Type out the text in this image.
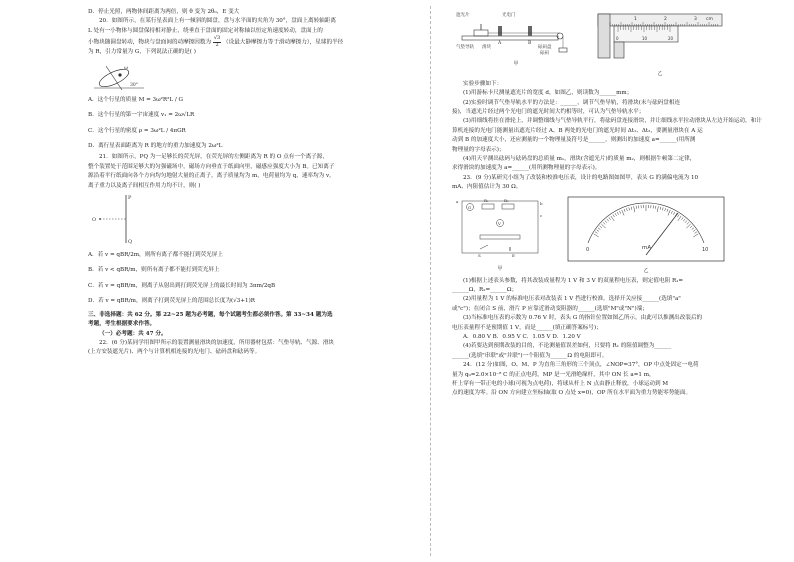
D．停止光照，两物体间距离为两倍，则 θ 变为 2θ₀，E 变大

20．如图所示，在某行星表面上有一倾斜的圆盘，盘与水平面的夹角为 30°，盘面上离转轴距离

L 处有一小物体与圆盘保持相对静止，绕垂直于盘面的固定对称轴以恒定角速度转动，盘面上的

小物块随圆盘转动，物块与盘面间的动摩擦因数为 $\frac{√3}{2}$ （设最大静摩擦力等于滑动摩擦力），星球的半径

为 R，引力常量为 G，下列说法正确的是( )

ω
30°

A．这个行星的质量 M = 3ω²R²L / G

B．这个行星的第一宇宙速度 v₁ = 2ω√LR

C．这个行星的密度 ρ = 3ω²L / 4πGR

D．离行星表面距离为 R 的地方的重力加速度为 2ω²L

21．如图所示，PQ 为一足够长的荧光屏，在荧光屏的左侧距离为 R 的 O 点有一个离子源，

整个装置处于范围足够大的匀强磁场中，磁场方向垂直于纸面向里，磁感应强度大小为 B。已知离子

源沿着平行纸面向各个方向均匀地射大量的正离子，离子质量均为 m，电荷量均为 q，速率均为 v，

离子重力以及离子间相互作用力均不计，则( )

P
O
Q

A．若 v = qBR/2m，则所有离子都不能打到荧光屏上

B．若 v < qBR/m，则所有离子都不能打到荧光屏上

C．若 v = qBR/m，则离子从射出到打到荧光屏上的最长时间为 3πm/2qB

D．若 v = qBR/m，则离子打到荧光屏上的范围总长度为(√3+1)R

三、非选择题：共 62 分。第 22~25 题为必考题，每个试题考生都必须作答。第 33~34 题为选

考题，考生根据要求作答。

（一）必考题：共 47 分。

22．(6 分)某同学用图甲所示的装置测量滑块的加速度，所用器材包括：气垫导轨、气源、滑块

(上方安装遮光片)、两个与计算机相连接的光电门、砝码盘和砝码等。

遮光片	光电门
气垫导轨 滑块	砝码盘
砝码
A	B
甲
1	2	3 cm
0	10	20
乙

实验步骤如下：

(1)用游标卡尺测量遮光片的宽度 d，如图乙，则读数为______mm；

(2)实验时调节气垫导轨水平的方法是：______，调节气垫导轨，将滑块(未与砝码盘相连

接)，当遮光片经过两个光电门的遮光时间大约相等时，可认为气垫导轨水平；

(3)用细线将挂在滑轮上，并调整细线与气垫导轨平行，将砝码盘连接滑块，并让细线水平拉动滑块从左边开始运动，和计

算机连接的光电门能测量出遮光片经过 A、B 两处的光电门的遮光时间 Δt₁、Δt₂，要测量滑块在 A 运

动到 B 的加速度大小，还应测量的一个物理量及符号是______，则测出的加速度 a=______(用所测

物理量的字母表示)；

(4)用天平测出砝码与砝码盘的总质量 m₁，滑块(含遮光片)的质量 m₂，则根据牛顿第二定律，

求得滑块的加速度为 a=______(用所测物理量的字母表示)。

23．(9 分)某研究小组为了改装和校准电压表，设计的电路图如图甲，表头 G 的满偏电流为 10

mA、内阻值估计为 30 Ω。

a
G
R₁	R₂
V
b
c
S	E
甲
0	10
mA
乙

(1)根据上述表头参数，将其改装成量程为 1 V 和 3 V 的双量程电压表，则定值电阻 R₁=

______Ω，R₂=______Ω；

(2)用量程为 1 V 的标准电压表对改装表 1 V 挡进行校准，选择开关应接______(选填"a"

或"c")；在闭合 S 前，滑片 P 应靠近滑动变阻器的______(选填"M"或"N")端；

(3)当标准电压表的示数为 0.76 V 时，表头 G 的指针位置如图乙所示，由此可以推测出改装后的

电压表量程不是预期值 1 V，而是______(填正确答案标号)；

A．0.80 V B．0.95 V C．1.05 V D．1.20 V

(4)若要达到预期改装的目的，不论测量值误差如何，只要将 R₁ 的阻值调整为______

______(选填"串联"或"并联")一个阻值为______Ω 的电阻即可。

24．(12 分)如图，O、M、P 为直角三角形的三个顶点，∠NOP=37°，OP 中点处固定一电荷

量为 q₀=2.0×10⁻⁸ C 的正点电荷，MP 是一光滑绝缘杆，其中 ON 长 a=1 m，

杆上穿有一带正电的小球(可视为点电荷)，将球从杆上 N 点由静止释放，小球运动到 M

点的速度为零。沿 ON 方向建立坐标轴(取 O 点处 x=0)，OP 所在水平面为重力势能零势能面。
